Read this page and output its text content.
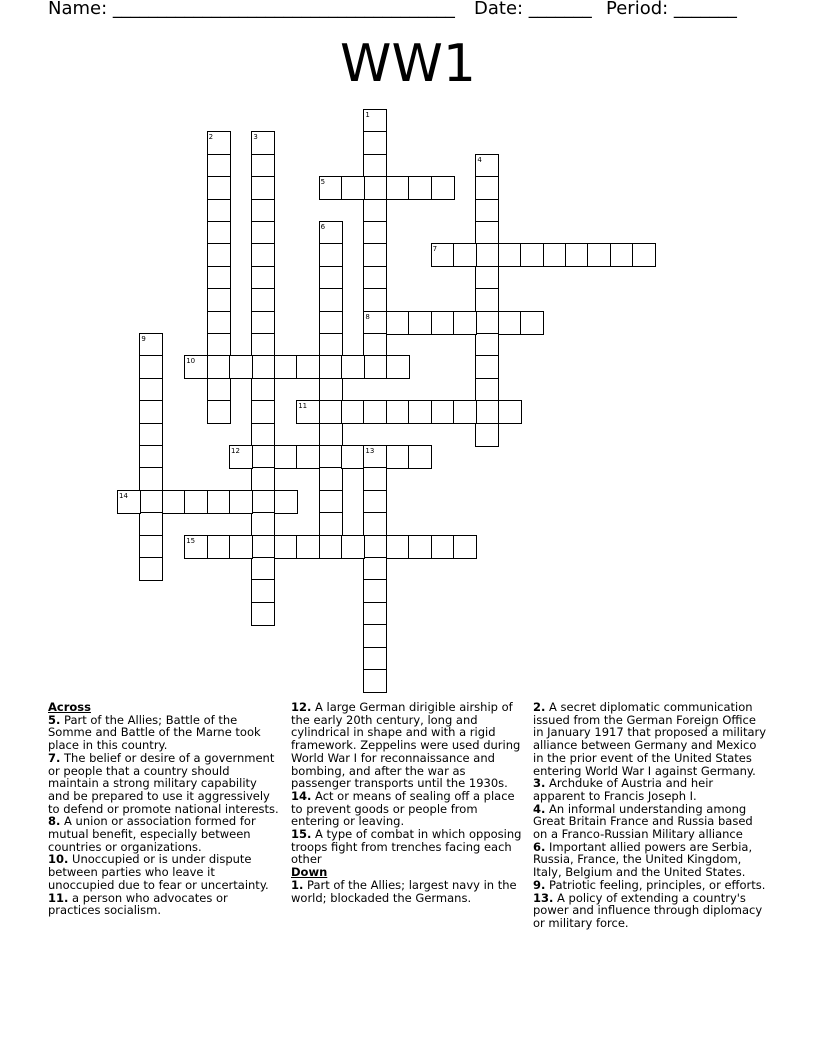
Name: ______________________________________ Date: _______ Period: _______
WW1
1
2	3
4
5
6
7
8
9
10
11
12	13
14
15
Across

5. Part of the Allies; Battle of the Somme and Battle of the Marne took place in this country.

7. The belief or desire of a government or people that a country should maintain a strong military capability and be prepared to use it aggressively to defend or promote national interests.

8. A union or association formed for mutual benefit, especially between countries or organizations.

10. Unoccupied or is under dispute between parties who leave it unoccupied due to fear or uncertainty.

11. a person who advocates or practices socialism.

12. A large German dirigible airship of the early 20th century, long and cylindrical in shape and with a rigid framework. Zeppelins were used during World War I for reconnaissance and bombing, and after the war as passenger transports until the 1930s.

14. Act or means of sealing off a place to prevent goods or people from entering or leaving.

15. A type of combat in which opposing troops fight from trenches facing each other

Down

1. Part of the Allies; largest navy in the world; blockaded the Germans.

2. A secret diplomatic communication issued from the German Foreign Office in January 1917 that proposed a military alliance between Germany and Mexico in the prior event of the United States entering World War I against Germany.

3. Archduke of Austria and heir apparent to Francis Joseph I.

4. An informal understanding among Great Britain France and Russia based on a Franco-Russian Military alliance

6. Important allied powers are Serbia, Russia, France, the United Kingdom, Italy, Belgium and the United States.

9. Patriotic feeling, principles, or efforts.

13. A policy of extending a country's power and influence through diplomacy or military force.
